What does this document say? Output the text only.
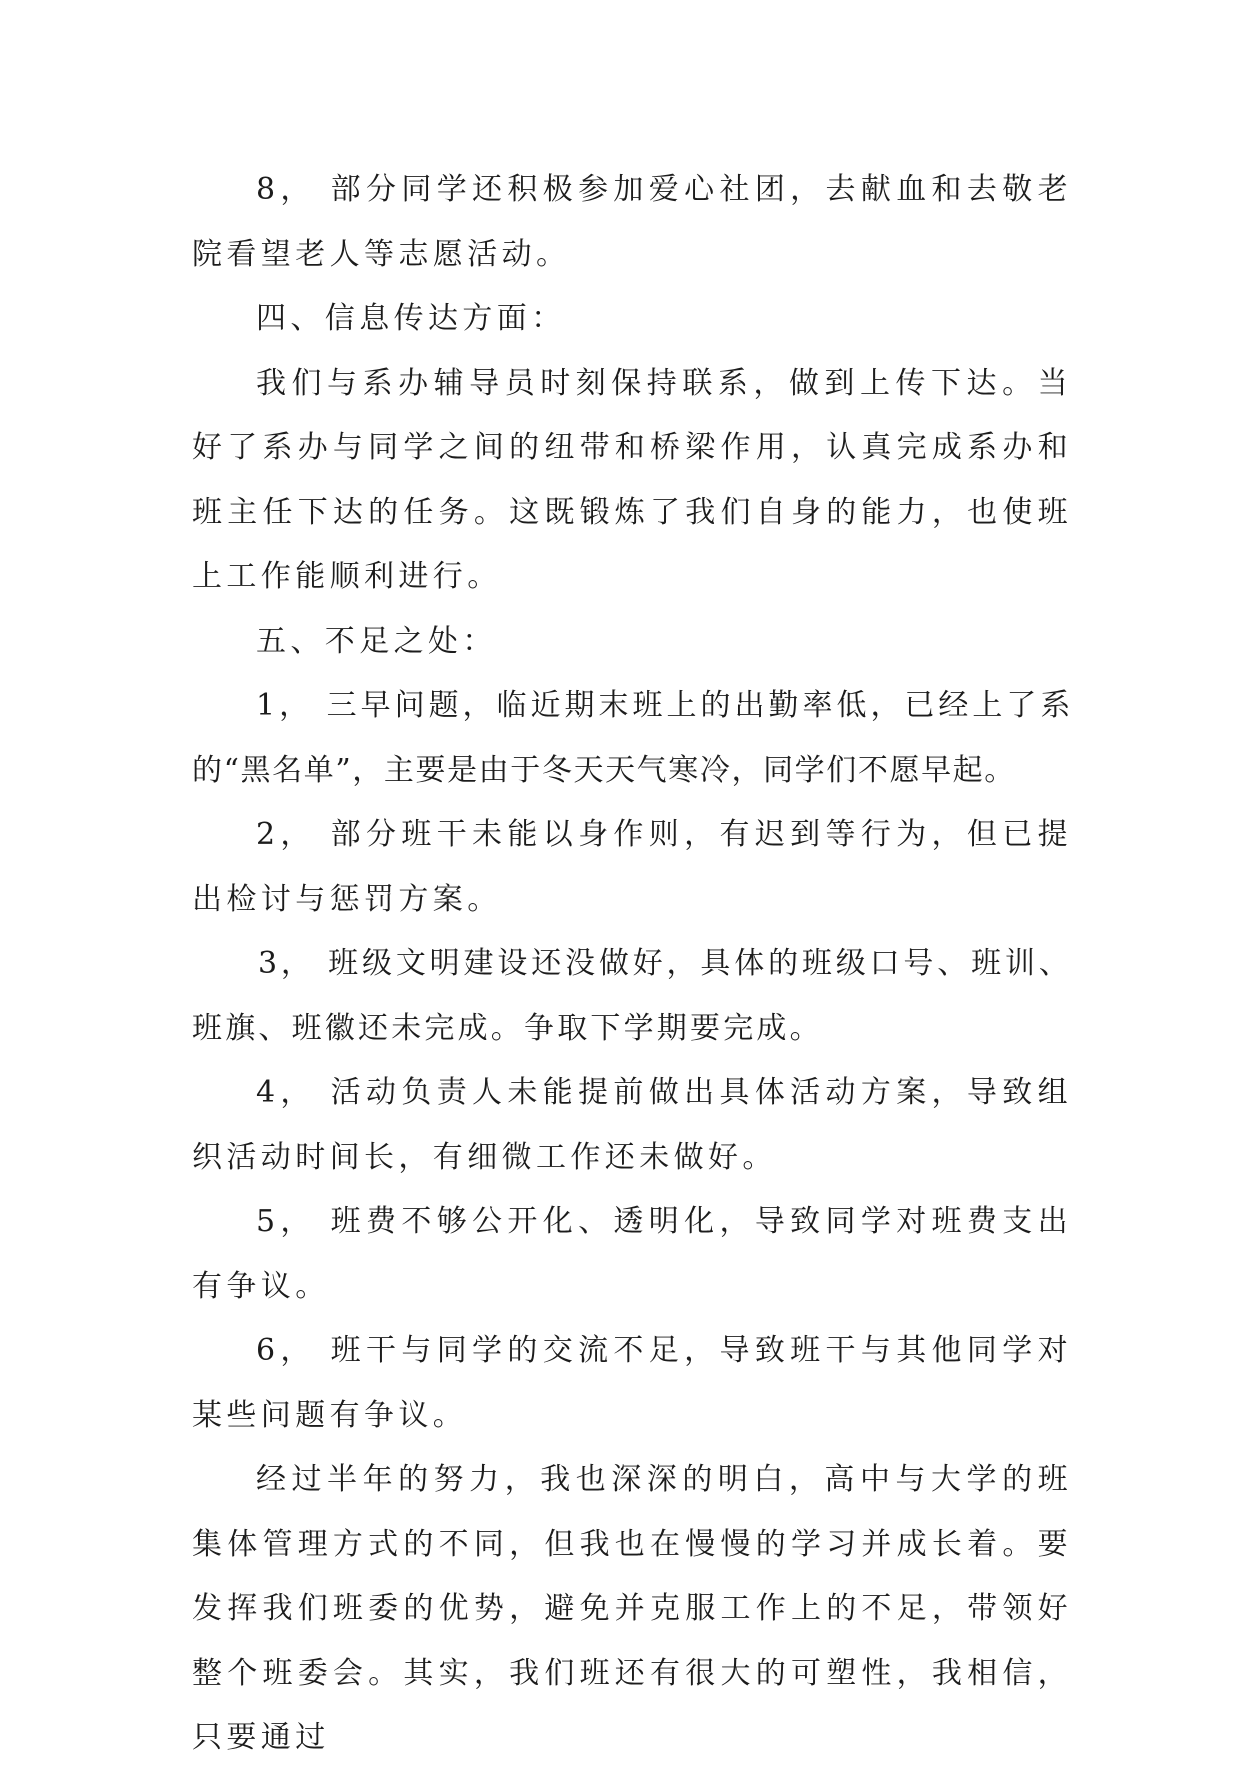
8， 部分同学还积极参加爱心社团，去献血和去敬老院看望老人等志愿活动。

四、信息传达方面：

我们与系办辅导员时刻保持联系，做到上传下达。当好了系办与同学之间的纽带和桥梁作用，认真完成系办和班主任下达的任务。这既锻炼了我们自身的能力，也使班上工作能顺利进行。

五、不足之处：

1， 三早问题，临近期末班上的出勤率低，已经上了系的“黑名单”，主要是由于冬天天气寒冷，同学们不愿早起。

2， 部分班干未能以身作则，有迟到等行为，但已提出检讨与惩罚方案。

3， 班级文明建设还没做好，具体的班级口号、班训、班旗、班徽还未完成。争取下学期要完成。

4， 活动负责人未能提前做出具体活动方案，导致组织活动时间长，有细微工作还未做好。

5， 班费不够公开化、透明化，导致同学对班费支出有争议。

6， 班干与同学的交流不足，导致班干与其他同学对某些问题有争议。

经过半年的努力，我也深深的明白，高中与大学的班集体管理方式的不同，但我也在慢慢的学习并成长着。要发挥我们班委的优势，避免并克服工作上的不足，带领好整个班委会。其实，我们班还有很大的可塑性，我相信，只要通过
